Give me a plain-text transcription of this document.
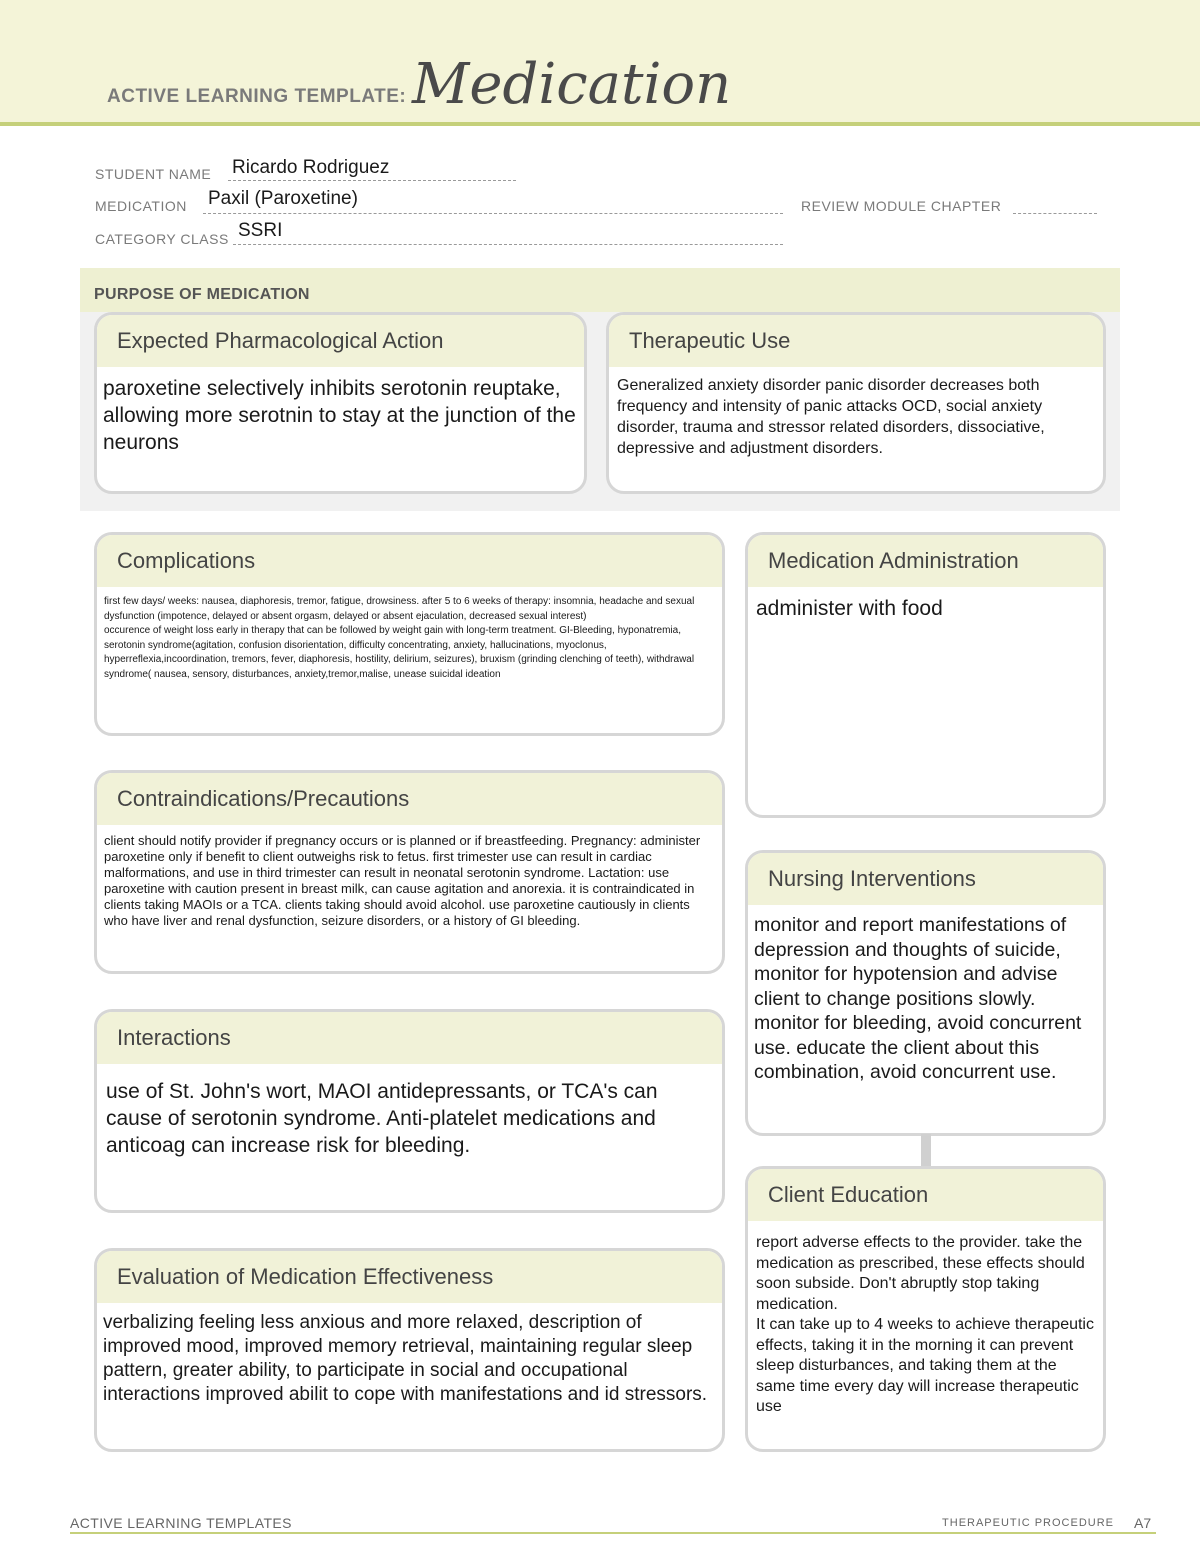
ACTIVE LEARNING TEMPLATE: Medication
STUDENT NAME Ricardo Rodriguez
MEDICATION Paxil (Paroxetine)	REVIEW MODULE CHAPTER
CATEGORY CLASS SSRI
PURPOSE OF MEDICATION
Expected Pharmacological Action
paroxetine selectively inhibits serotonin reuptake, allowing more serotnin to stay at the junction of the neurons
Therapeutic Use
Generalized anxiety disorder panic disorder decreases both frequency and intensity of panic attacks OCD, social anxiety disorder, trauma and stressor related disorders, dissociative, depressive and adjustment disorders.
Complications
first few days/ weeks: nausea, diaphoresis, tremor, fatigue, drowsiness. after 5 to 6 weeks of therapy: insomnia, headache and sexual dysfunction (impotence, delayed or absent orgasm, delayed or absent ejaculation, decreased sexual interest)
occurence of weight loss early in therapy that can be followed by weight gain with long-term treatment. GI-Bleeding, hyponatremia, serotonin syndrome(agitation, confusion disorientation, difficulty concentrating, anxiety, hallucinations, myoclonus, hyperreflexia,incoordination, tremors, fever, diaphoresis, hostility, delirium, seizures), bruxism (grinding clenching of teeth), withdrawal syndrome( nausea, sensory, disturbances, anxiety,tremor,malise, unease suicidal ideation
Contraindications/Precautions
client should notify provider if pregnancy occurs or is planned or if breastfeeding. Pregnancy: administer paroxetine only if benefit to client outweighs risk to fetus. first trimester use can result in cardiac malformations, and use in third trimester can result in neonatal serotonin syndrome. Lactation: use paroxetine with caution present in breast milk, can cause agitation and anorexia. it is contraindicated in clients taking MAOIs or a TCA. clients taking should avoid alcohol. use paroxetine cautiously in clients who have liver and renal dysfunction, seizure disorders, or a history of GI bleeding.
Interactions
use of St. John's wort, MAOI antidepressants, or TCA's can cause of serotonin syndrome. Anti-platelet medications and anticoag can increase risk for bleeding.
Evaluation of Medication Effectiveness
verbalizing feeling less anxious and more relaxed, description of improved mood, improved memory retrieval, maintaining regular sleep pattern, greater ability, to participate in social and occupational interactions improved abilit to cope with manifestations and id stressors.
Medication Administration
administer with food
Nursing Interventions
monitor and report manifestations of depression and thoughts of suicide, monitor for hypotension and advise client to change positions slowly. monitor for bleeding, avoid concurrent use. educate the client about this combination, avoid concurrent use.
Client Education
report adverse effects to the provider. take the medication as prescribed, these effects should soon subside. Don't abruptly stop taking medication.
It can take up to 4 weeks to achieve therapeutic effects, taking it in the morning it can prevent sleep disturbances, and taking them at the same time every day will increase therapeutic use
ACTIVE LEARNING TEMPLATES	THERAPEUTIC PROCEDURE A7
